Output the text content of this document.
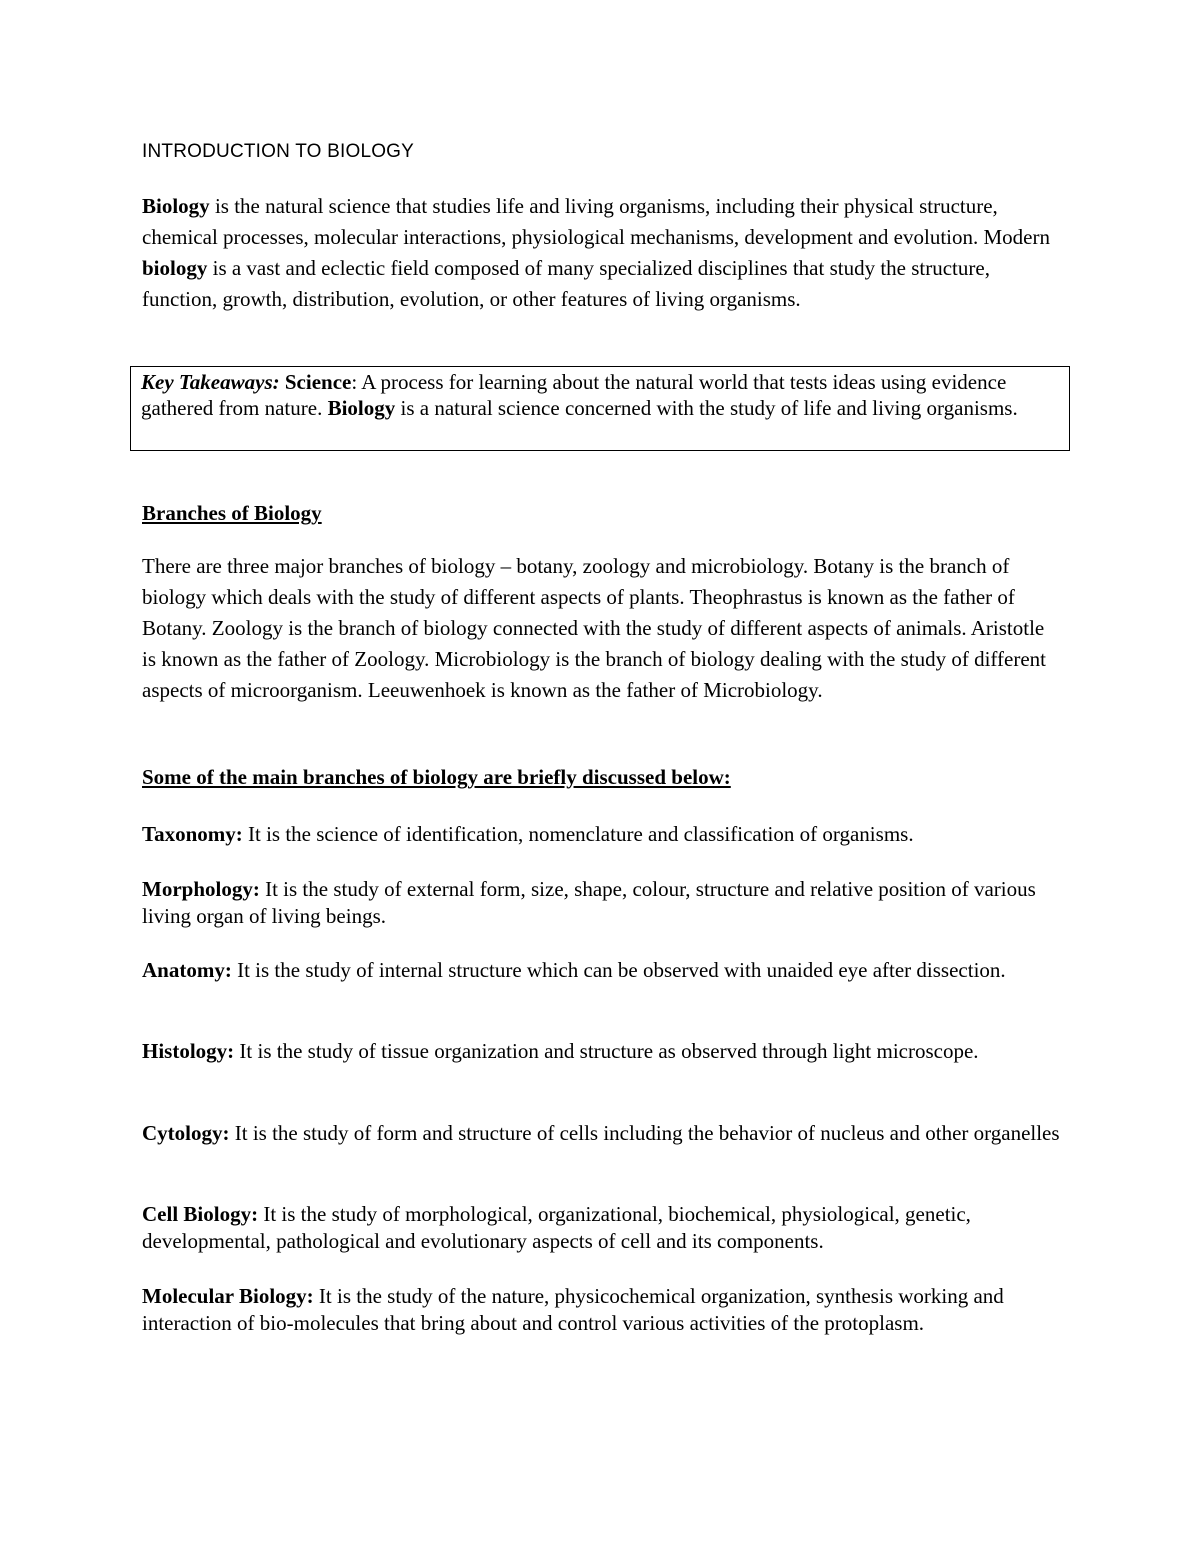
INTRODUCTION TO BIOLOGY
Biology is the natural science that studies life and living organisms, including their physical structure, chemical processes, molecular interactions, physiological mechanisms, development and evolution. Modern biology is a vast and eclectic field composed of many specialized disciplines that study the structure, function, growth, distribution, evolution, or other features of living organisms.
Key Takeaways: Science: A process for learning about the natural world that tests ideas using evidence gathered from nature. Biology is a natural science concerned with the study of life and living organisms.
Branches of Biology
There are three major branches of biology – botany, zoology and microbiology. Botany is the branch of biology which deals with the study of different aspects of plants. Theophrastus is known as the father of Botany. Zoology is the branch of biology connected with the study of different aspects of animals. Aristotle is known as the father of Zoology. Microbiology is the branch of biology dealing with the study of different aspects of microorganism. Leeuwenhoek is known as the father of Microbiology.
Some of the main branches of biology are briefly discussed below:
Taxonomy: It is the science of identification, nomenclature and classification of organisms.
Morphology: It is the study of external form, size, shape, colour, structure and relative position of various living organ of living beings.
Anatomy: It is the study of internal structure which can be observed with unaided eye after dissection.
Histology: It is the study of tissue organization and structure as observed through light microscope.
Cytology: It is the study of form and structure of cells including the behavior of nucleus and other organelles
Cell Biology: It is the study of morphological, organizational, biochemical, physiological, genetic, developmental, pathological and evolutionary aspects of cell and its components.
Molecular Biology: It is the study of the nature, physicochemical organization, synthesis working and interaction of bio-molecules that bring about and control various activities of the protoplasm.
